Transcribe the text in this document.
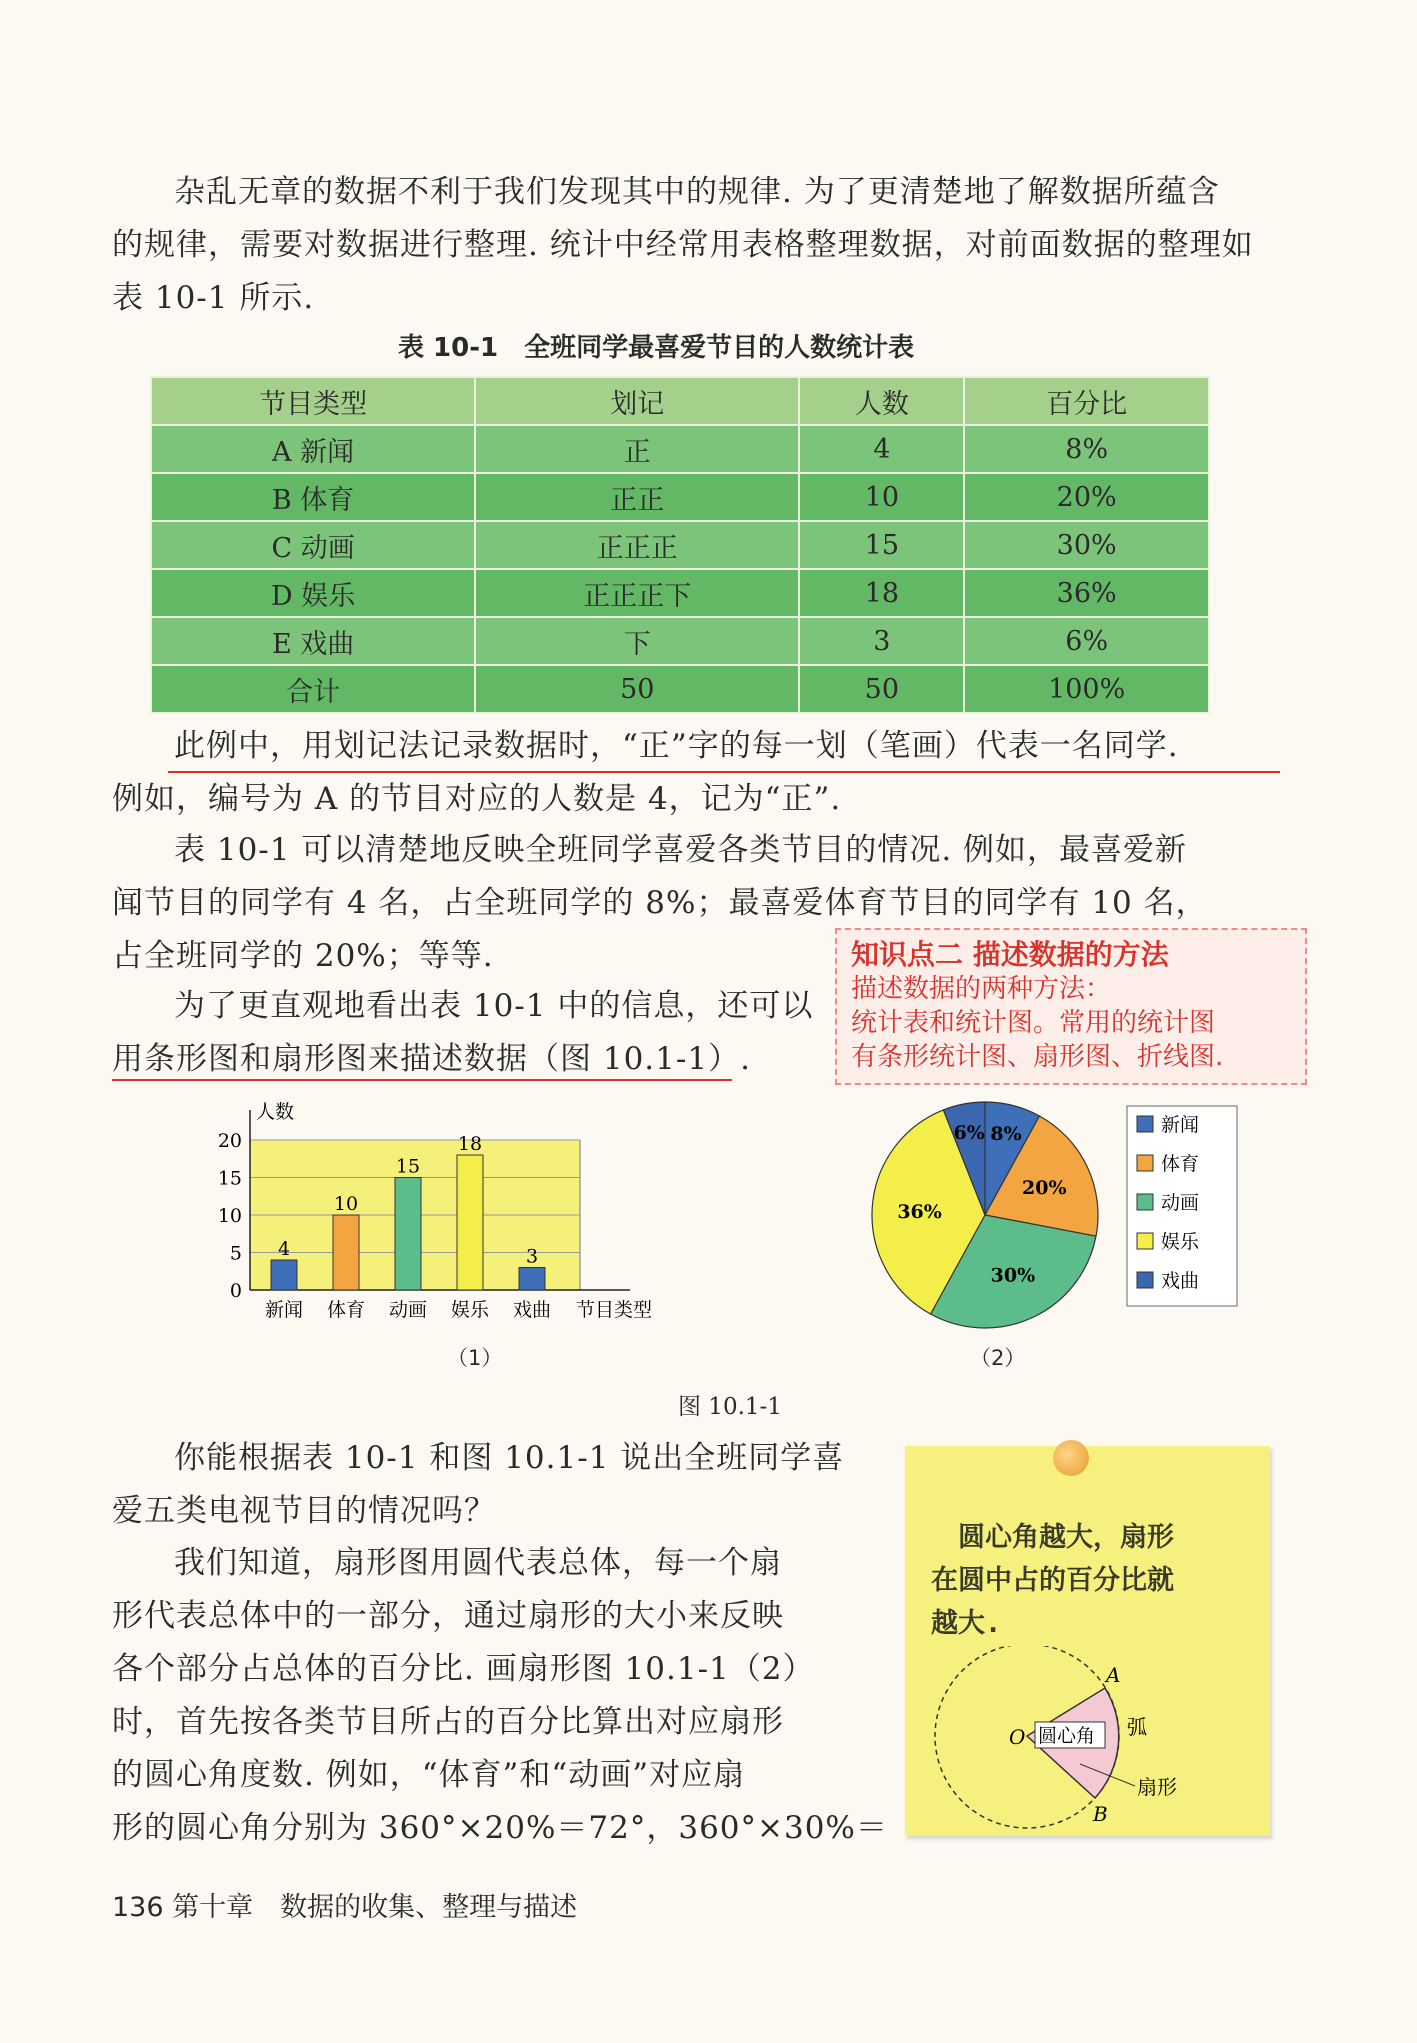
杂乱无章的数据不利于我们发现其中的规律. 为了更清楚地了解数据所蕴含
的规律，需要对数据进行整理. 统计中经常用表格整理数据，对前面数据的整理如
表 10-1 所示.
表 10-1　全班同学最喜爱节目的人数统计表
节目类型	划记	人数	百分比
A 新闻	正	4	8%
B 体育	正正	10	20%
C 动画	正正正	15	30%
D 娱乐	正正正下	18	36%
E 戏曲	下	3	6%
合计	50	50	100%
此例中，用划记法记录数据时，“正”字的每一划（笔画）代表一名同学.
例如，编号为 A 的节目对应的人数是 4，记为“正”.
表 10-1 可以清楚地反映全班同学喜爱各类节目的情况. 例如，最喜爱新
闻节目的同学有 4 名，占全班同学的 8%；最喜爱体育节目的同学有 10 名，
占全班同学的 20%；等等.
为了更直观地看出表 10-1 中的信息，还可以
用条形图和扇形图来描述数据（图 10.1-1）.
知识点二 描述数据的方法
描述数据的两种方法：
统计表和统计图。常用的统计图
有条形统计图、扇形图、折线图.
0
5
10
15
20
人数
4
新闻
10
体育
15
动画
18
娱乐
3
戏曲 节目类型
（1）
8%
20%
30%
36%
6%	新闻
体育
动画
娱乐
戏曲
（2）
图 10.1-1
你能根据表 10-1 和图 10.1-1 说出全班同学喜
爱五类电视节目的情况吗？
我们知道，扇形图用圆代表总体，每一个扇
形代表总体中的一部分，通过扇形的大小来反映
各个部分占总体的百分比. 画扇形图 10.1-1（2）
时，首先按各类节目所占的百分比算出对应扇形
的圆心角度数. 例如，“体育”和“动画”对应扇
形的圆心角分别为 360°×20%＝72°，360°×30%＝
　圆心角越大，扇形
在圆中占的百分比就
越大.
O
A
B
圆心角 弧
扇形
136 第十章　数据的收集、整理与描述
